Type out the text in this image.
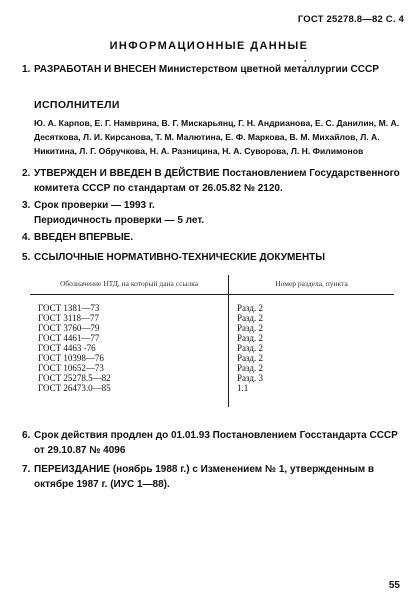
ГОСТ 25278.8—82 С. 4
ИНФОРМАЦИОННЫЕ ДАННЫЕ
·
1. РАЗРАБОТАН И ВНЕСЕН Министерством цветной металлургии СССР
ИСПОЛНИТЕЛИ
Ю. А. Карпов, Е. Г. Намврина, В. Г. Мискарьянц, Г. Н. Андрианова, Е. С. Данилин, М. А. Десяткова, Л. И. Кирсанова, Т. М. Малютина, Е. Ф. Маркова, В. М. Михайлов, Л. А. Никитина, Л. Г. Обручкова, Н. А. Разницина, Н. А. Суворова, Л. Н. Филимонов
2. УТВЕРЖДЕН И ВВЕДЕН В ДЕЙСТВИЕ Постановлением Государственного комитета СССР по стандартам от 26.05.82 № 2120.
3. Срок проверки — 1993 г.
Периодичность проверки — 5 лет.
4. ВВЕДЕН ВПЕРВЫЕ.
5. ССЫЛОЧНЫЕ НОРМАТИВНО-ТЕХНИЧЕСКИЕ ДОКУМЕНТЫ
Обозначение НТД, на который дана ссылка	Номер раздела, пункта
ГОСТ 1381—73	Разд. 2
ГОСТ 3118—77	Разд. 2
ГОСТ 3760—79	Разд. 2
ГОСТ 4461—77	Разд. 2
ГОСТ 4463 -76	Разд. 2
ГОСТ 10398—76	Разд. 2
ГОСТ 10652—73	Разд. 2
ГОСТ 25278.5—82	Разд. 3
ГОСТ 26473.0—85	1.1
6. Срок действия продлен до 01.01.93 Постановлением Госстандарта СССР от 29.10.87 № 4096
7. ПЕРЕИЗДАНИЕ (ноябрь 1988 г.) с Изменением № 1, утвержденным в октябре 1987 г. (ИУС 1—88).
55
